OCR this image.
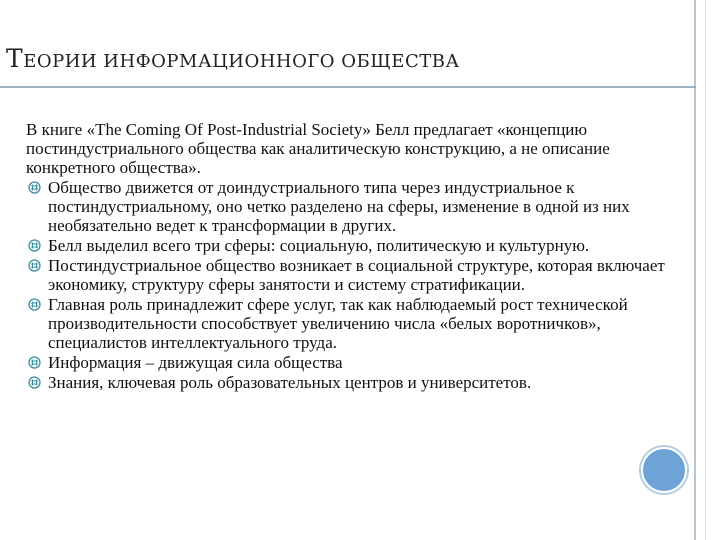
ТЕОРИИ ИНФОРМАЦИОННОГО ОБЩЕСТВА

В книге «The Coming Of Post-Industrial Society» Белл предлагает «концепцию постиндустриального общества как аналитическую конструкцию, а не описание конкретного общества».

Общество движется от доиндустриального типа через индустриальное к постиндустриальному, оно четко разделено на сферы, изменение в одной из них необязательно ведет к трансформации в других.
Белл выделил всего три сферы: социальную, политическую и культурную.
Постиндустриальное общество возникает в социальной структуре, которая включает экономику, структуру сферы занятости и систему стратификации.
Главная роль принадлежит сфере услуг, так как наблюдаемый рост технической производительности способствует увеличению числа «белых воротничков», специалистов интеллектуального труда.
Информация – движущая сила общества
Знания, ключевая роль образовательных центров и университетов.
